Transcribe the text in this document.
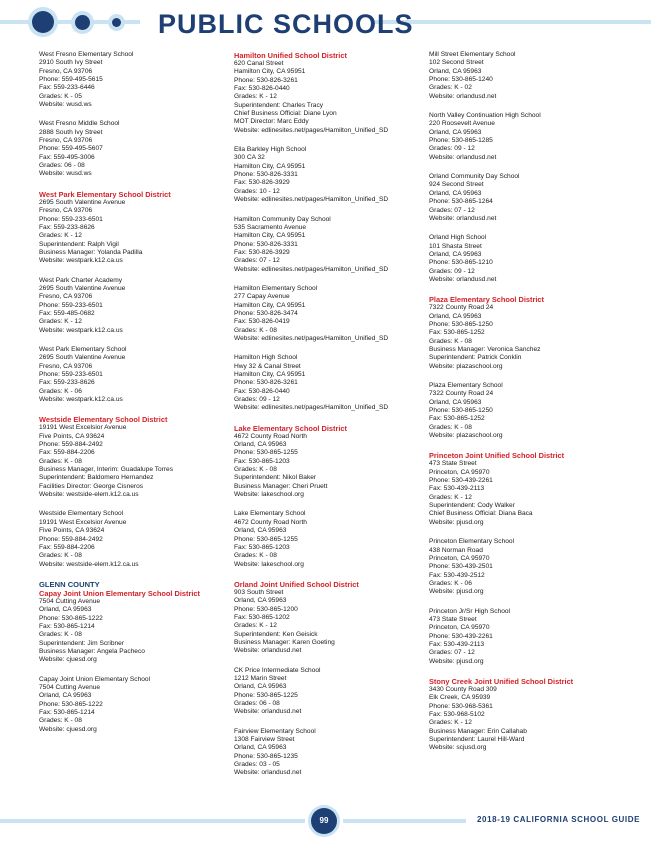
PUBLIC SCHOOLS
West Fresno Elementary School
2910 South Ivy Street
Fresno, CA 93706
Phone: 559-495-5615
Fax: 559-233-6446
Grades: K - 05
Website: wusd.ws
West Fresno Middle School
2888 South Ivy Street
Fresno, CA 93706
Phone: 559-495-5607
Fax: 559-495-3006
Grades: 06 - 08
Website: wusd.ws
West Park Elementary School District
2695 South Valentine Avenue
Fresno, CA 93706
Phone: 559-233-6501
Fax: 559-233-8626
Grades: K - 12
Superintendent: Ralph Vigil
Business Manager: Yolanda Padilla
Website: westpark.k12.ca.us
West Park Charter Academy
2695 South Valentine Avenue
Fresno, CA 93706
Phone: 559-233-6501
Fax: 559-485-0682
Grades: K - 12
Website: westpark.k12.ca.us
West Park Elementary School
2695 South Valentine Avenue
Fresno, CA 93706
Phone: 559-233-6501
Fax: 559-233-8626
Grades: K - 06
Website: westpark.k12.ca.us
Westside Elementary School District
19191 West Excelsior Avenue
Five Points, CA 93624
Phone: 559-884-2492
Fax: 559-884-2206
Grades: K - 08
Business Manager, Interim: Guadalupe Torres
Superintendent: Baldomero Hernandez
Facilities Director: George Cisneros
Website: westside-elem.k12.ca.us
Westside Elementary School
19191 West Excelsior Avenue
Five Points, CA 93624
Phone: 559-884-2492
Fax: 559-884-2206
Grades: K - 08
Website: westside-elem.k12.ca.us
GLENN COUNTY
Capay Joint Union Elementary School District
7504 Cutting Avenue
Orland, CA 95963
Phone: 530-865-1222
Fax: 530-865-1214
Grades: K - 08
Superintendent: Jim Scribner
Business Manager: Angela Pacheco
Website: cjuesd.org
Capay Joint Union Elementary School
7504 Cutting Avenue
Orland, CA 95963
Phone: 530-865-1222
Fax: 530-865-1214
Grades: K - 08
Website: cjuesd.org
Hamilton Unified School District
620 Canal Street
Hamilton City, CA 95951
Phone: 530-826-3261
Fax: 530-826-0440
Grades: K - 12
Superintendent: Charles Tracy
Chief Business Official: Diane Lyon
MOT Director: Marc Eddy
Website: edlinesites.net/pages/Hamilton_Unified_SD
Ella Barkley High School
300 CA 32
Hamilton City, CA 95951
Phone: 530-826-3331
Fax: 530-826-3929
Grades: 10 - 12
Website: edlinesites.net/pages/Hamilton_Unified_SD
Hamilton Community Day School
535 Sacramento Avenue
Hamilton City, CA 95951
Phone: 530-826-3331
Fax: 530-826-3929
Grades: 07 - 12
Website: edlinesites.net/pages/Hamilton_Unified_SD
Hamilton Elementary School
277 Capay Avenue
Hamilton City, CA 95951
Phone: 530-826-3474
Fax: 530-826-0419
Grades: K - 08
Website: edlinesites.net/pages/Hamilton_Unified_SD
Hamilton High School
Hwy 32 & Canal Street
Hamilton City, CA 95951
Phone: 530-826-3261
Fax: 530-826-0440
Grades: 09 - 12
Website: edlinesites.net/pages/Hamilton_Unified_SD
Lake Elementary School District
4672 County Road North
Orland, CA 95963
Phone: 530-865-1255
Fax: 530-865-1203
Grades: K - 08
Superintendent: Nikol Baker
Business Manager: Cheri Pruett
Website: lakeschool.org
Lake Elementary School
4672 County Road North
Orland, CA 95963
Phone: 530-865-1255
Fax: 530-865-1203
Grades: K - 08
Website: lakeschool.org
Orland Joint Unified School District
903 South Street
Orland, CA 95963
Phone: 530-865-1200
Fax: 530-865-1202
Grades: K - 12
Superintendent: Ken Geisick
Business Manager: Karen Goeting
Website: orlandusd.net
CK Price Intermediate School
1212 Marin Street
Orland, CA 95963
Phone: 530-865-1225
Grades: 06 - 08
Website: orlandusd.net
Fairview Elementary School
1308 Fairview Street
Orland, CA 95963
Phone: 530-865-1235
Grades: 03 - 05
Website: orlandusd.net
Mill Street Elementary School
102 Second Street
Orland, CA 95963
Phone: 530-865-1240
Grades: K - 02
Website: orlandusd.net
North Valley Continuation High School
220 Roosevelt Avenue
Orland, CA 95963
Phone: 530-865-1285
Grades: 09 - 12
Website: orlandusd.net
Orland Community Day School
924 Second Street
Orland, CA 95963
Phone: 530-865-1264
Grades: 07 - 12
Website: orlandusd.net
Orland High School
101 Shasta Street
Orland, CA 95963
Phone: 530-865-1210
Grades: 09 - 12
Website: orlandusd.net
Plaza Elementary School District
7322 County Road 24
Orland, CA 95963
Phone: 530-865-1250
Fax: 530-865-1252
Grades: K - 08
Business Manager: Veronica Sanchez
Superintendent: Patrick Conklin
Website: plazaschool.org
Plaza Elementary School
7322 County Road 24
Orland, CA 95963
Phone: 530-865-1250
Fax: 530-865-1252
Grades: K - 08
Website: plazaschool.org
Princeton Joint Unified School District
473 State Street
Princeton, CA 95970
Phone: 530-439-2261
Fax: 530-439-2113
Grades: K - 12
Superintendent: Cody Walker
Chief Business Official: Diana Baca
Website: pjusd.org
Princeton Elementary School
438 Norman Road
Princeton, CA 95970
Phone: 530-439-2501
Fax: 530-439-2512
Grades: K - 06
Website: pjusd.org
Princeton Jr/Sr High School
473 State Street
Princeton, CA 95970
Phone: 530-439-2261
Fax: 530-439-2113
Grades: 07 - 12
Website: pjusd.org
Stony Creek Joint Unified School District
3430 County Road 309
Elk Creek, CA 95939
Phone: 530-968-5361
Fax: 530-968-5102
Grades: K - 12
Business Manager: Erin Callahab
Superintendent: Laurel Hill-Ward
Website: scjusd.org
99	2018-19 CALIFORNIA SCHOOL GUIDE
